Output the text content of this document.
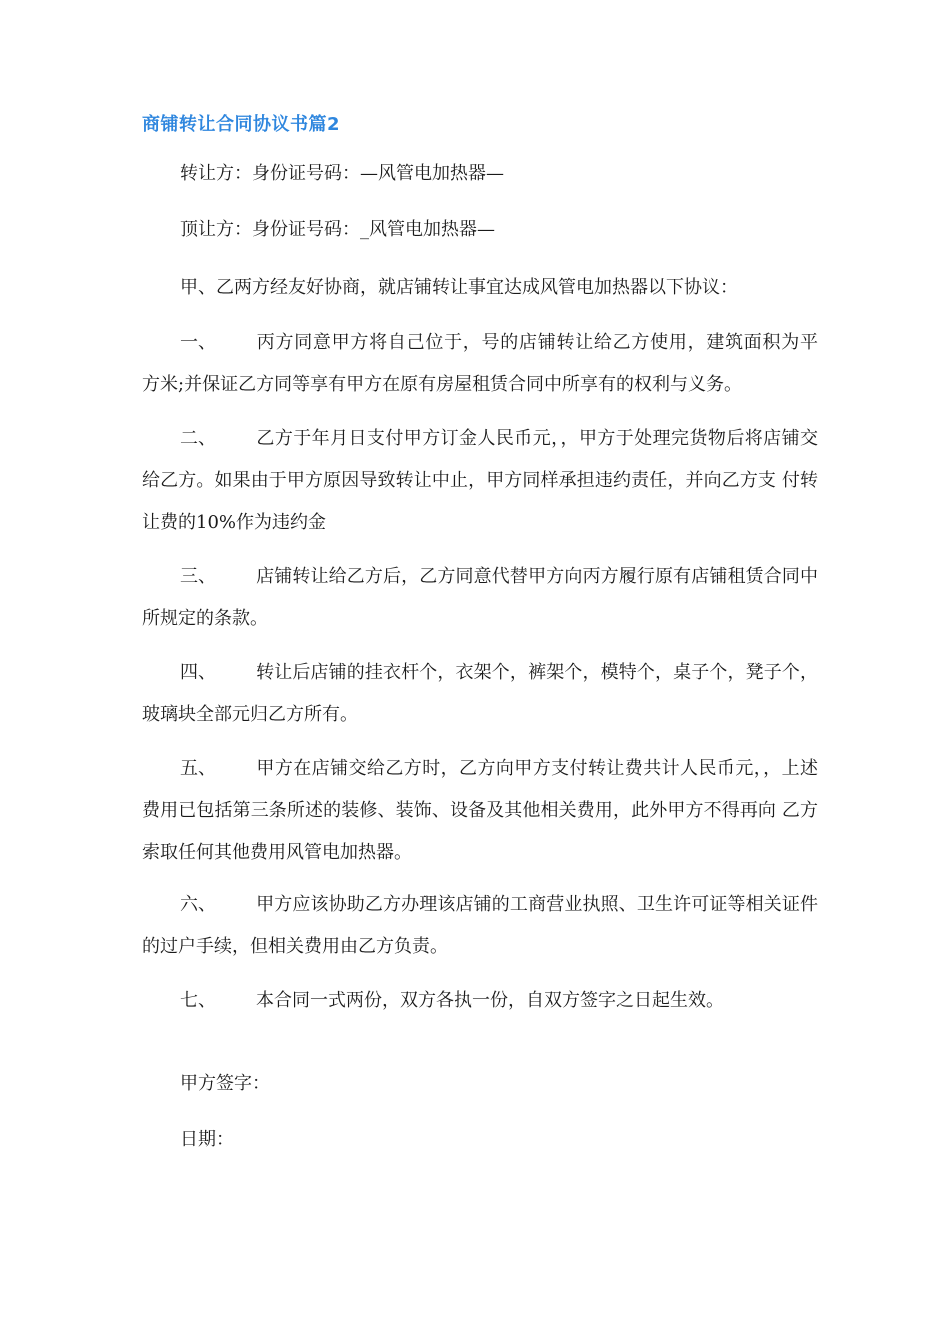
商铺转让合同协议书篇2
转让方：身份证号码：—风管电加热器—
顶让方：身份证号码：_风管电加热器—
甲、乙两方经友好协商，就店铺转让事宜达成风管电加热器以下协议：
一、 丙方同意甲方将自己位于，号的店铺转让给乙方使用，建筑面积为平 方米;并保证乙方同等享有甲方在原有房屋租赁合同中所享有的权利与义务。
二、 乙方于年月日支付甲方订金人民币元，，甲方于处理完货物后将店铺交 给乙方。如果由于甲方原因导致转让中止，甲方同样承担违约责任，并向乙方支 付转让费的10%作为违约金
三、 店铺转让给乙方后，乙方同意代替甲方向丙方履行原有店铺租赁合同中 所规定的条款。
四、 转让后店铺的挂衣杆个，衣架个，裤架个，模特个，桌子个，凳子个， 玻璃块全部元归乙方所有。
五、 甲方在店铺交给乙方时，乙方向甲方支付转让费共计人民币元，，上述 费用已包括第三条所述的装修、装饰、设备及其他相关费用，此外甲方不得再向 乙方索取任何其他费用风管电加热器。
六、 甲方应该协助乙方办理该店铺的工商营业执照、卫生许可证等相关证件 的过户手续，但相关费用由乙方负责。
七、 本合同一式两份，双方各执一份，自双方签字之日起生效。
甲方签字：
日期：
